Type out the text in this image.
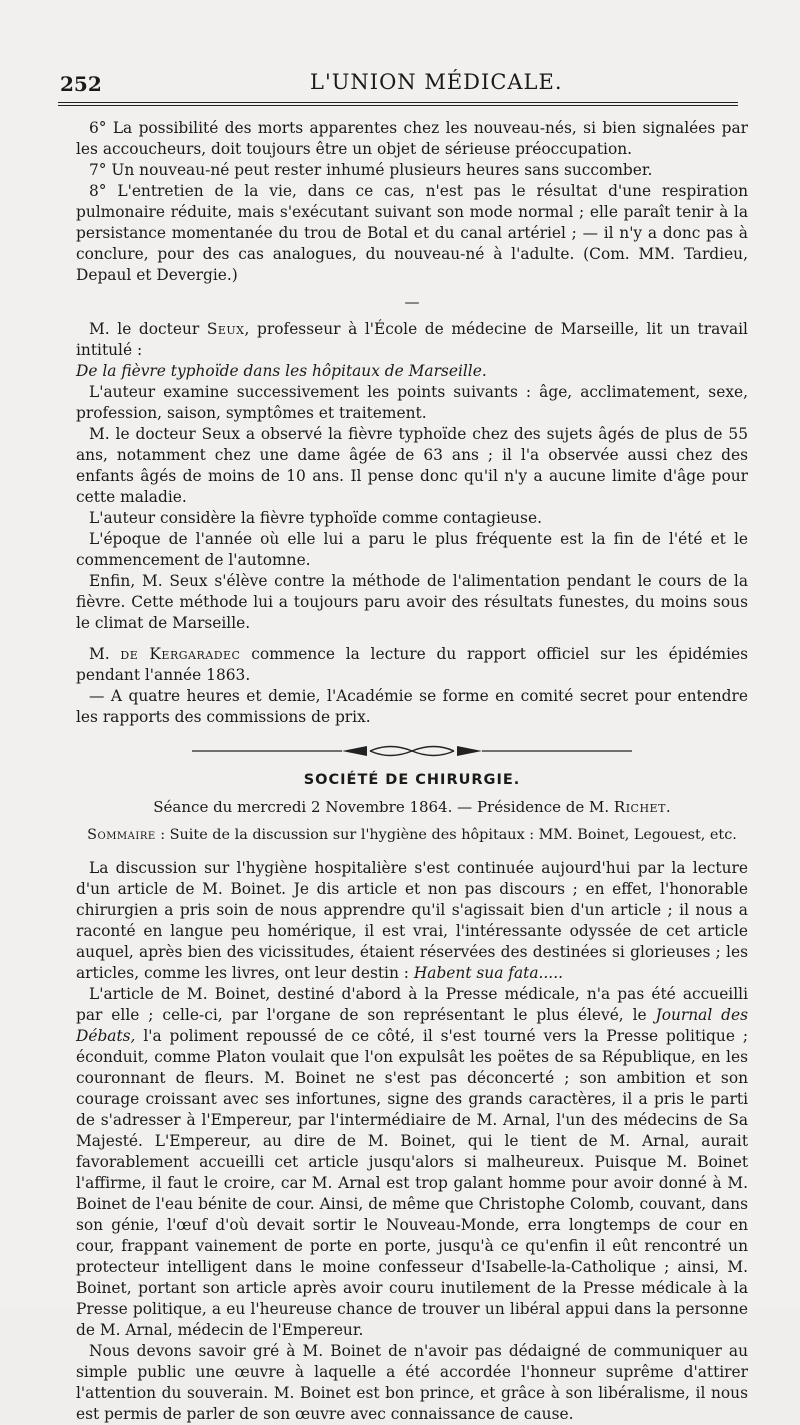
252	L'UNION MÉDICALE.

6° La possibilité des morts apparentes chez les nouveau-nés, si bien signalées par les accoucheurs, doit toujours être un objet de sérieuse préoccupation.

7° Un nouveau-né peut rester inhumé plusieurs heures sans succomber.

8° L'entretien de la vie, dans ce cas, n'est pas le résultat d'une respiration pulmonaire réduite, mais s'exécutant suivant son mode normal ; elle paraît tenir à la persistance momentanée du trou de Botal et du canal artériel ; — il n'y a donc pas à conclure, pour des cas analogues, du nouveau-né à l'adulte. (Com. MM. Tardieu, Depaul et Devergie.)

—

M. le docteur Seux, professeur à l'École de médecine de Marseille, lit un travail intitulé :

De la fièvre typhoïde dans les hôpitaux de Marseille.

L'auteur examine successivement les points suivants : âge, acclimatement, sexe, profession, saison, symptômes et traitement.

M. le docteur Seux a observé la fièvre typhoïde chez des sujets âgés de plus de 55 ans, notamment chez une dame âgée de 63 ans ; il l'a observée aussi chez des enfants âgés de moins de 10 ans. Il pense donc qu'il n'y a aucune limite d'âge pour cette maladie.

L'auteur considère la fièvre typhoïde comme contagieuse.

L'époque de l'année où elle lui a paru le plus fréquente est la fin de l'été et le commencement de l'automne.

Enfin, M. Seux s'élève contre la méthode de l'alimentation pendant le cours de la fièvre. Cette méthode lui a toujours paru avoir des résultats funestes, du moins sous le climat de Marseille.

M. de Kergaradec commence la lecture du rapport officiel sur les épidémies pendant l'année 1863.

— A quatre heures et demie, l'Académie se forme en comité secret pour entendre les rapports des commissions de prix.

SOCIÉTÉ DE CHIRURGIE.
Séance du mercredi 2 Novembre 1864. — Présidence de M. Richet.
Sommaire : Suite de la discussion sur l'hygiène des hôpitaux : MM. Boinet, Legouest, etc.

La discussion sur l'hygiène hospitalière s'est continuée aujourd'hui par la lecture d'un article de M. Boinet. Je dis article et non pas discours ; en effet, l'honorable chirurgien a pris soin de nous apprendre qu'il s'agissait bien d'un article ; il nous a raconté en langue peu homérique, il est vrai, l'intéressante odyssée de cet article auquel, après bien des vicissitudes, étaient réservées des destinées si glorieuses ; les articles, comme les livres, ont leur destin : Habent sua fata.....

L'article de M. Boinet, destiné d'abord à la Presse médicale, n'a pas été accueilli par elle ; celle-ci, par l'organe de son représentant le plus élevé, le Journal des Débats, l'a poliment repoussé de ce côté, il s'est tourné vers la Presse politique ; éconduit, comme Platon voulait que l'on expulsât les poëtes de sa République, en les couronnant de fleurs. M. Boinet ne s'est pas déconcerté ; son ambition et son courage croissant avec ses infortunes, signe des grands caractères, il a pris le parti de s'adresser à l'Empereur, par l'intermédiaire de M. Arnal, l'un des médecins de Sa Majesté. L'Empereur, au dire de M. Boinet, qui le tient de M. Arnal, aurait favorablement accueilli cet article jusqu'alors si malheureux. Puisque M. Boinet l'affirme, il faut le croire, car M. Arnal est trop galant homme pour avoir donné à M. Boinet de l'eau bénite de cour. Ainsi, de même que Christophe Colomb, couvant, dans son génie, l'œuf d'où devait sortir le Nouveau-Monde, erra longtemps de cour en cour, frappant vainement de porte en porte, jusqu'à ce qu'enfin il eût rencontré un protecteur intelligent dans le moine confesseur d'Isabelle-la-Catholique ; ainsi, M. Boinet, portant son article après avoir couru inutilement de la Presse médicale à la Presse politique, a eu l'heureuse chance de trouver un libéral appui dans la personne de M. Arnal, médecin de l'Empereur.

Nous devons savoir gré à M. Boinet de n'avoir pas dédaigné de communiquer au simple public une œuvre à laquelle a été accordée l'honneur suprême d'attirer l'attention du souverain. M. Boinet est bon prince, et grâce à son libéralisme, il nous est permis de parler de son œuvre avec connaissance de cause.
